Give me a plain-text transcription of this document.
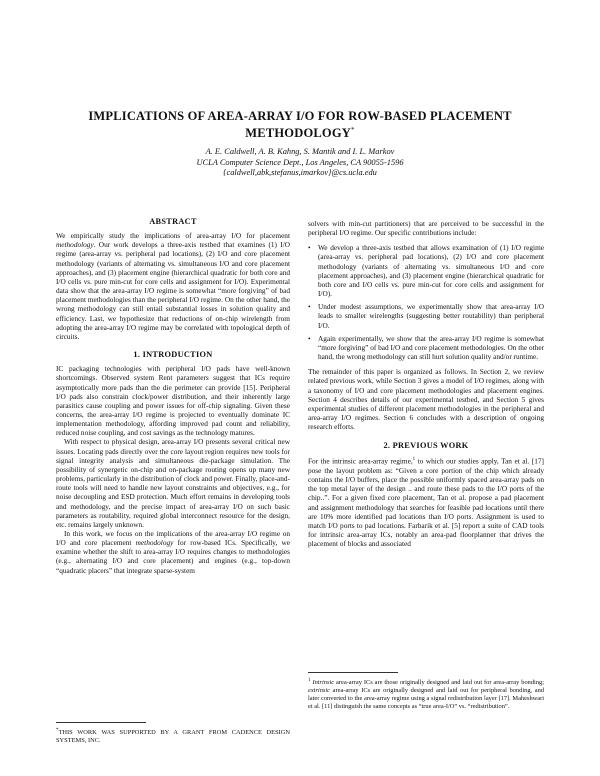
IMPLICATIONS OF AREA-ARRAY I/O FOR ROW-BASED PLACEMENT METHODOLOGY*
A. E. Caldwell, A. B. Kahng, S. Mantik and I. L. Markov
UCLA Computer Science Dept., Los Angeles, CA 90055-1596
{caldwell,abk,stefanus,imarkov}@cs.ucla.edu
ABSTRACT

We empirically study the implications of area-array I/O for placement methodology. Our work develops a three-axis testbed that examines (1) I/O regime (area-array vs. peripheral pad locations), (2) I/O and core placement methodology (variants of alternating vs. simultaneous I/O and core placement approaches), and (3) placement engine (hierarchical quadratic for both core and I/O cells vs. pure min-cut for core cells and assignment for I/O). Experimental data show that the area-array I/O regime is somewhat “more forgiving” of bad placement methodologies than the peripheral I/O regime. On the other hand, the wrong methodology can still entail substantial losses in solution quality and efficiency. Last, we hypothesize that reductions of on-chip wirelength from adopting the area-array I/O regime may be correlated with topological depth of circuits.

1. INTRODUCTION

IC packaging technologies with peripheral I/O pads have well-known shortcomings. Observed system Rent parameters suggest that ICs require asymptotically more pads than the die perimeter can provide [15]. Peripheral I/O pads also constrain clock/power distribution, and their inherently large parasitics cause coupling and power issues for off-chip signaling. Given these concerns, the area-array I/O regime is projected to eventually dominate IC implementation methodology, affording improved pad count and reliability, reduced noise coupling, and cost savings as the technology matures.

With respect to physical design, area-array I/O presents several critical new issues. Locating pads directly over the core layout region requires new tools for signal integrity analysis and simultaneous die-package simulation. The possibility of synergetic on-chip and on-package routing opens up many new problems, particularly in the distribution of clock and power. Finally, place-and-route tools will need to handle new layout constraints and objectives, e.g., for noise decoupling and ESD protection. Much effort remains in developing tools and methodology, and the precise impact of area-array I/O on such basic parameters as routability, required global interconnect resource for the design, etc. remains largely unknown.

In this work, we focus on the implications of the area-array I/O regime on I/O and core placement methodology for row-based ICs. Specifically, we examine whether the shift to area-array I/O requires changes to methodologies (e.g., alternating I/O and core placement) and engines (e.g., top-down “quadratic placers” that integrate sparse-system

solvers with min-cut partitioners) that are perceived to be successful in the peripheral I/O regime. Our specific contributions include:

• We develop a three-axis testbed that allows examination of (1) I/O regime (area-array vs. peripheral pad locations), (2) I/O and core placement methodology (variants of alternating vs. simultaneous I/O and core placement approaches), and (3) placement engine (hierarchical quadratic for both core and I/O cells vs. pure min-cut for core cells and assignment for I/O).
• Under modest assumptions, we experimentally show that area-array I/O leads to smaller wirelengths (suggesting better routability) than peripheral I/O.
• Again experimentally, we show that the area-array I/O regime is somewhat “more forgiving” of bad I/O and core placement methodologies. On the other hand, the wrong methodology can still hurt solution quality and/or runtime.

The remainder of this paper is organized as follows. In Section 2, we review related previous work, while Section 3 gives a model of I/O regimes, along with a taxonomy of I/O and core placement methodologies and placement engines. Section 4 describes details of our experimental testbed, and Section 5 gives experimental studies of different placement methodologies in the peripheral and area-array I/O regimes. Section 6 concludes with a description of ongoing research efforts.

2. PREVIOUS WORK

For the intrinsic area-array regime,$^1$ to which our studies apply, Tan et al. [17] pose the layout problem as: “Given a core portion of the chip which already contains the I/O buffers, place the possible uniformly spaced area-array pads on the top metal layer of the design .. and route these pads to the I/O ports of the chip..”. For a given fixed core placement, Tan et al. propose a pad placement and assignment methodology that searches for feasible pad locations until there are 10% more identified pad locations than I/O ports. Assignment is used to match I/O ports to pad locations. Farbarik et al. [5] report a suite of CAD tools for intrinsic area-array ICs, notably an area-pad floorplanner that drives the placement of blocks and associated

*THIS WORK WAS SUPPORTED BY A GRANT FROM CADENCE DESIGN SYSTEMS, INC.
$^1$ Intrinsic area-array ICs are those originally designed and laid out for area-array bonding; extrinsic area-array ICs are originally designed and laid out for peripheral bonding, and later converted to the area-array regime using a signal redistribution layer [17]. Maheshwari et al. [11] distinguish the same concepts as “true area-I/O” vs. “redistribution”.
